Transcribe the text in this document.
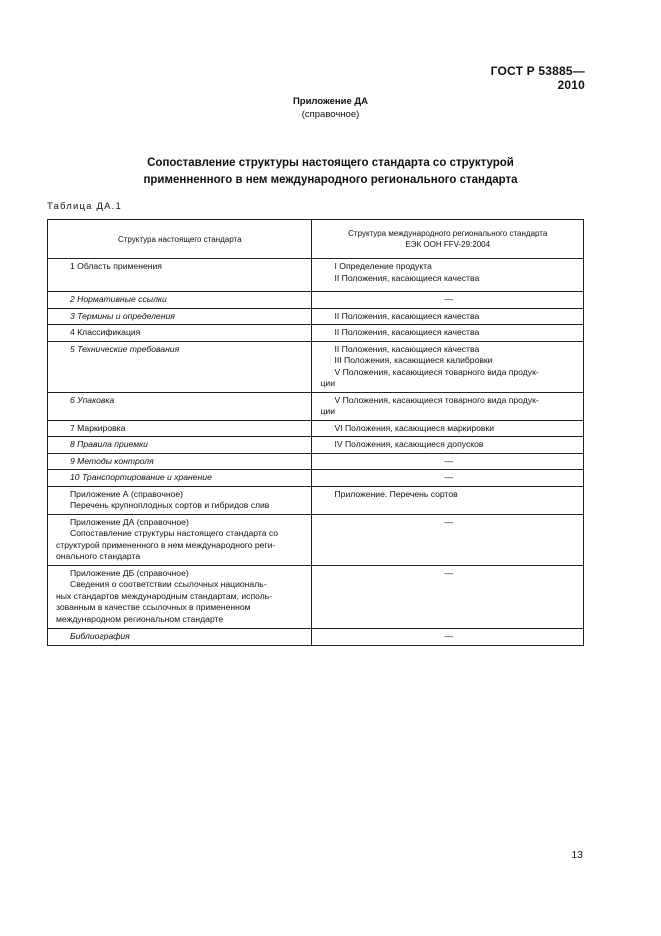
ГОСТ Р 53885—2010
Приложение ДА
(справочное)
Сопоставление структуры настоящего стандарта со структурой
применненного в нем международного регионального стандарта
Таблица ДА.1
Структура настоящего стандарта	Структура международного регионального стандарта
ЕЭК ООН FFV-29:2004

1 Область применения	I Определение продукта
II Положения, касающиеся качества

2 Нормативные ссылки	—

3 Термины и определения	II Положения, касающиеся качества

4 Классификация	II Положения, касающиеся качества

5 Технические требования	II Положения, касающиеся качества
III Положения, касающиеся калибровки
V Положения, касающиеся товарного вида продук-
ции

6 Упаковка	V Положения, касающиеся товарного вида продук-
ции

7 Маркировка	VI Положения, касающиеся маркировки

8 Правила приемки	IV Положения, касающиеся допусков

9 Методы контроля	—

10 Транспортирование и хранение	—

Приложение А (справочное)
Перечень крупноплодных сортов и гибридов слив	Приложение. Перечень сортов

Приложение ДА (справочное)
Сопоставление структуры настоящего стандарта со
структурой примененного в нем международного реги-
онального стандарта	—

Приложение ДБ (справочное)
Сведения о соответствии ссылочных националь-
ных стандартов международным стандартам, исполь-
зованным в качестве ссылочных в примененном
международном региональном стандарте	—

Библиография	—
13
